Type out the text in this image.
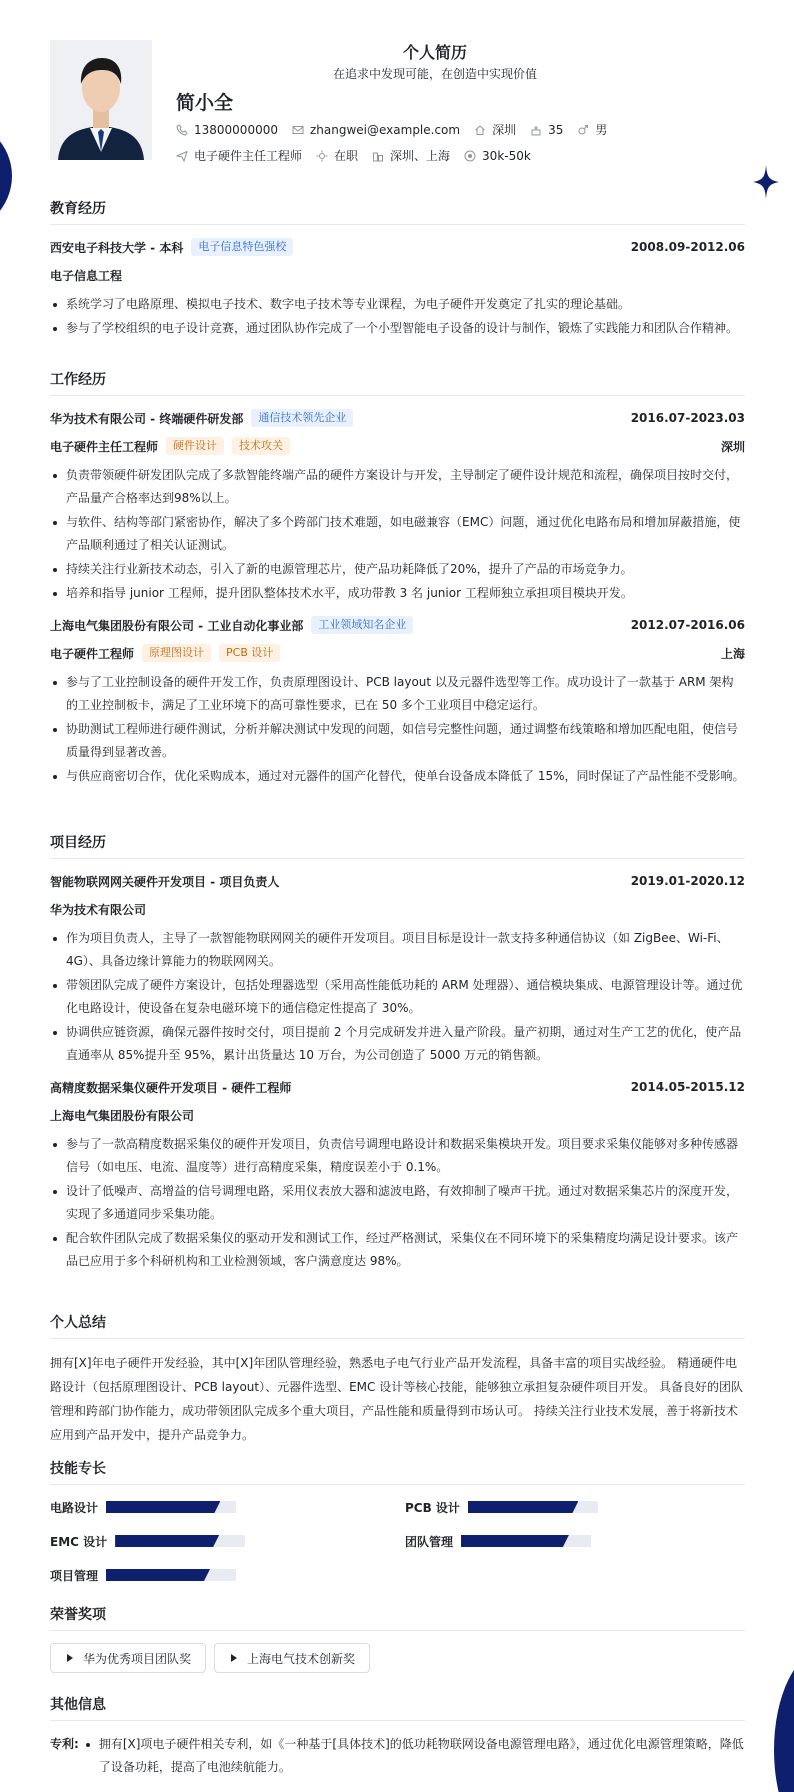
个人简历
在追求中发现可能，在创造中实现价值
简小全
13800000000	zhangwei@example.com	深圳	35	男
电子硬件主任工程师	在职	深圳、上海	30k-50k
教育经历
西安电子科技大学 - 本科	电子信息特色强校	2008.09-2012.06
电子信息工程
系统学习了电路原理、模拟电子技术、数字电子技术等专业课程，为电子硬件开发奠定了扎实的理论基础。
参与了学校组织的电子设计竞赛，通过团队协作完成了一个小型智能电子设备的设计与制作，锻炼了实践能力和团队合作精神。
工作经历
华为技术有限公司 - 终端硬件研发部	通信技术领先企业	2016.07-2023.03
电子硬件主任工程师	硬件设计	技术攻关	深圳
负责带领硬件研发团队完成了多款智能终端产品的硬件方案设计与开发，主导制定了硬件设计规范和流程，确保项目按时交付，产品量产合格率达到98%以上。
与软件、结构等部门紧密协作，解决了多个跨部门技术难题，如电磁兼容（EMC）问题，通过优化电路布局和增加屏蔽措施，使产品顺利通过了相关认证测试。
持续关注行业新技术动态，引入了新的电源管理芯片，使产品功耗降低了20%，提升了产品的市场竞争力。
培养和指导 junior 工程师，提升团队整体技术水平，成功带教 3 名 junior 工程师独立承担项目模块开发。
上海电气集团股份有限公司 - 工业自动化事业部	工业领域知名企业	2012.07-2016.06
电子硬件工程师	原理图设计	PCB 设计	上海
参与了工业控制设备的硬件开发工作，负责原理图设计、PCB layout 以及元器件选型等工作。成功设计了一款基于 ARM 架构的工业控制板卡，满足了工业环境下的高可靠性要求，已在 50 多个工业项目中稳定运行。
协助测试工程师进行硬件测试，分析并解决测试中发现的问题，如信号完整性问题，通过调整布线策略和增加匹配电阻，使信号质量得到显著改善。
与供应商密切合作，优化采购成本，通过对元器件的国产化替代，使单台设备成本降低了 15%，同时保证了产品性能不受影响。
项目经历
智能物联网网关硬件开发项目 - 项目负责人	2019.01-2020.12
华为技术有限公司
作为项目负责人，主导了一款智能物联网网关的硬件开发项目。项目目标是设计一款支持多种通信协议（如 ZigBee、Wi-Fi、4G）、具备边缘计算能力的物联网网关。
带领团队完成了硬件方案设计，包括处理器选型（采用高性能低功耗的 ARM 处理器）、通信模块集成、电源管理设计等。通过优化电路设计，使设备在复杂电磁环境下的通信稳定性提高了 30%。
协调供应链资源，确保元器件按时交付，项目提前 2 个月完成研发并进入量产阶段。量产初期，通过对生产工艺的优化，使产品直通率从 85%提升至 95%，累计出货量达 10 万台，为公司创造了 5000 万元的销售额。
高精度数据采集仪硬件开发项目 - 硬件工程师	2014.05-2015.12
上海电气集团股份有限公司
参与了一款高精度数据采集仪的硬件开发项目，负责信号调理电路设计和数据采集模块开发。项目要求采集仪能够对多种传感器信号（如电压、电流、温度等）进行高精度采集，精度误差小于 0.1%。
设计了低噪声、高增益的信号调理电路，采用仪表放大器和滤波电路，有效抑制了噪声干扰。通过对数据采集芯片的深度开发，实现了多通道同步采集功能。
配合软件团队完成了数据采集仪的驱动开发和测试工作，经过严格测试，采集仪在不同环境下的采集精度均满足设计要求。该产品已应用于多个科研机构和工业检测领域，客户满意度达 98%。
个人总结
拥有[X]年电子硬件开发经验，其中[X]年团队管理经验，熟悉电子电气行业产品开发流程，具备丰富的项目实战经验。 精通硬件电路设计（包括原理图设计、PCB layout）、元器件选型、EMC 设计等核心技能，能够独立承担复杂硬件项目开发。 具备良好的团队管理和跨部门协作能力，成功带领团队完成多个重大项目，产品性能和质量得到市场认可。 持续关注行业技术发展，善于将新技术应用到产品开发中，提升产品竞争力。
技能专长
电路设计	PCB 设计
EMC 设计	团队管理
项目管理
荣誉奖项
华为优秀项目团队奖	上海电气技术创新奖
其他信息
专利:	拥有[X]项电子硬件相关专利，如《一种基于[具体技术]的低功耗物联网设备电源管理电路》，通过优化电源管理策略，降低了设备功耗，提高了电池续航能力。
